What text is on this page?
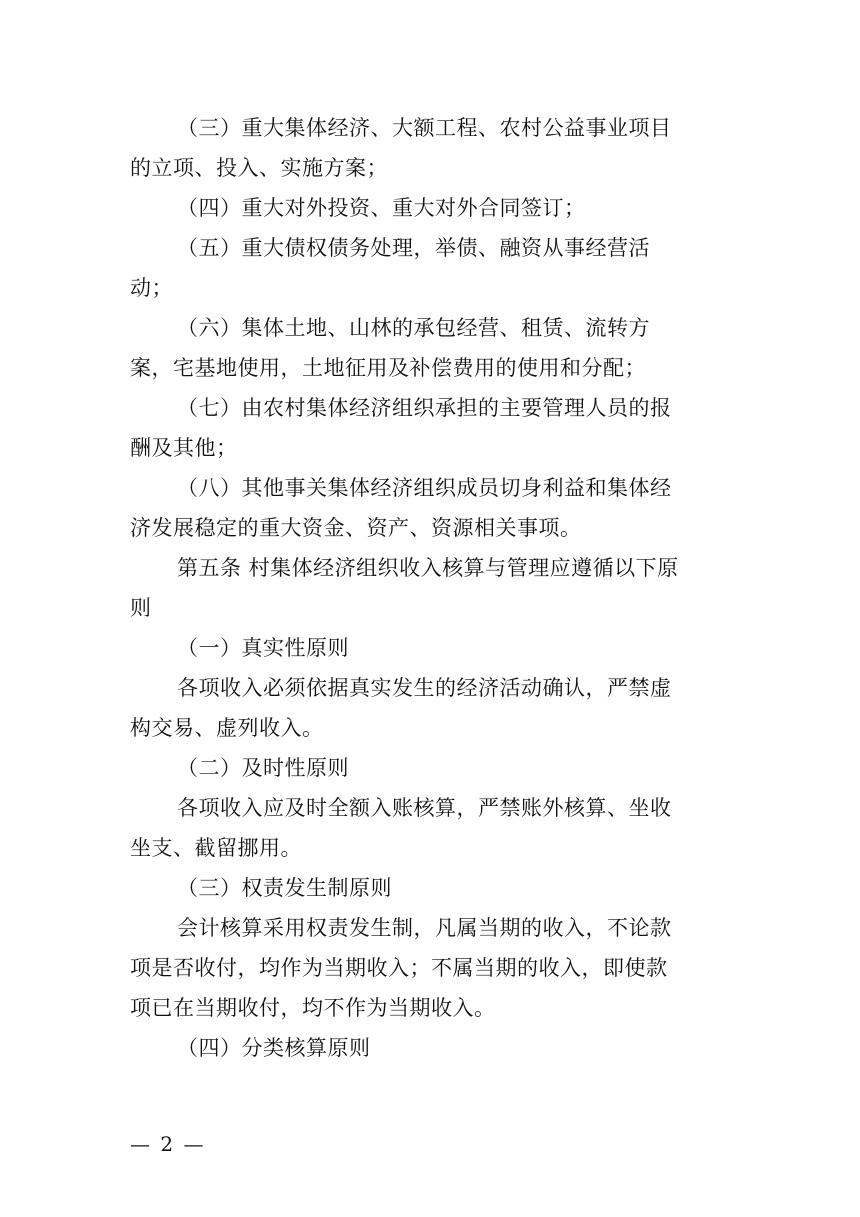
（三）重大集体经济、大额工程、农村公益事业项目
的立项、投入、实施方案；
（四）重大对外投资、重大对外合同签订；
（五）重大债权债务处理，举债、融资从事经营活
动；
（六）集体土地、山林的承包经营、租赁、流转方
案，宅基地使用，土地征用及补偿费用的使用和分配；
（七）由农村集体经济组织承担的主要管理人员的报
酬及其他；
（八）其他事关集体经济组织成员切身利益和集体经
济发展稳定的重大资金、资产、资源相关事项。
第五条 村集体经济组织收入核算与管理应遵循以下原
则
（一）真实性原则
各项收入必须依据真实发生的经济活动确认，严禁虚
构交易、虚列收入。
（二）及时性原则
各项收入应及时全额入账核算，严禁账外核算、坐收
坐支、截留挪用。
（三）权责发生制原则
会计核算采用权责发生制，凡属当期的收入，不论款
项是否收付，均作为当期收入；不属当期的收入，即使款
项已在当期收付，均不作为当期收入。
（四）分类核算原则
— 2 —
